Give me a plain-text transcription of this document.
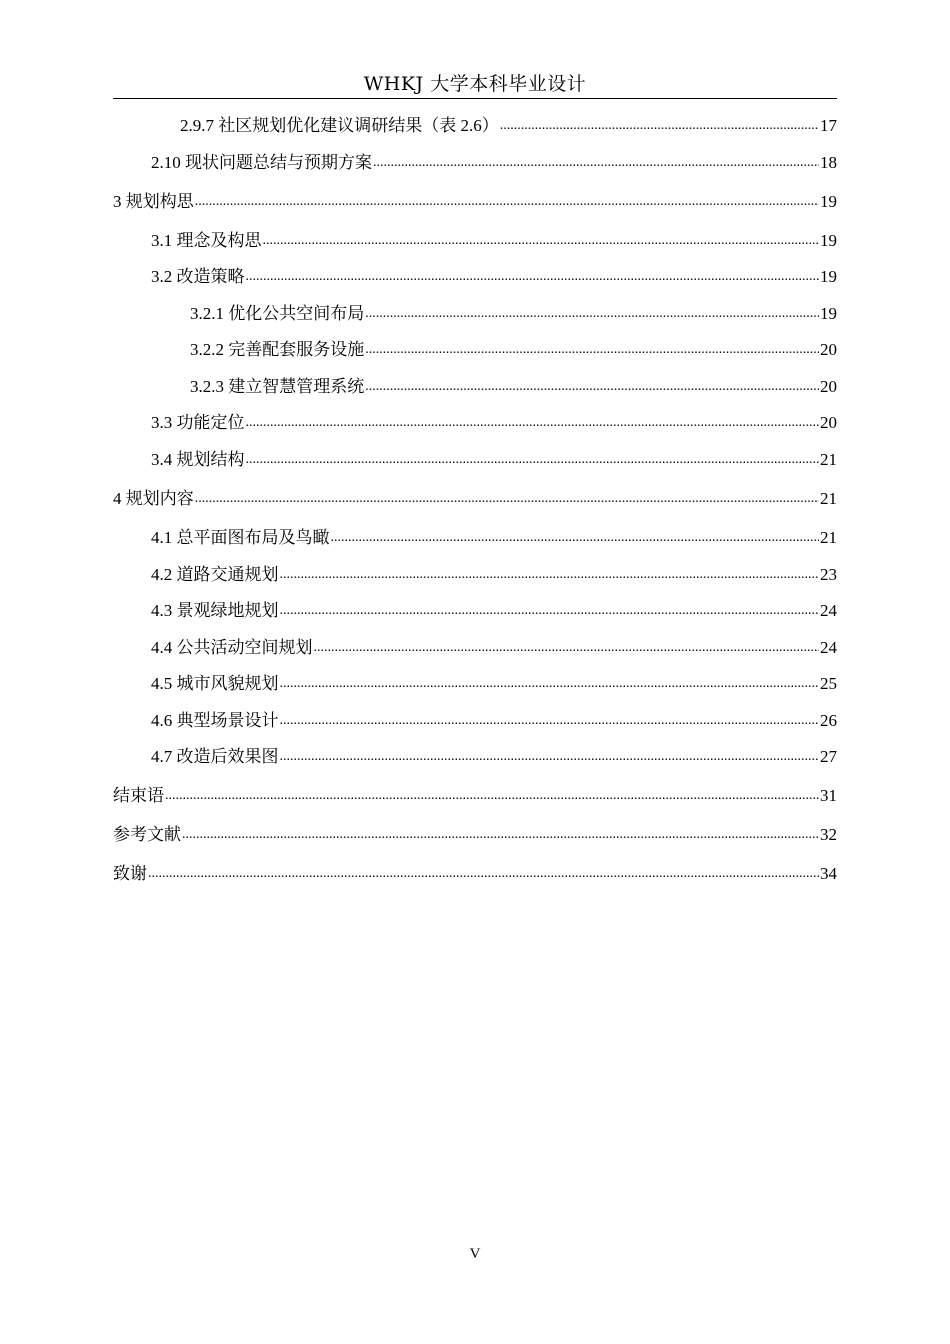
WHKJ 大学本科毕业设计
2.9.7 社区规划优化建议调研结果（表 2.6） .....	17
2.10 现状问题总结与预期方案 .....	18
3 规划构思 .....	19
3.1 理念及构思 .....	19
3.2 改造策略 .....	19
3.2.1 优化公共空间布局 .....	19
3.2.2 完善配套服务设施 .....	20
3.2.3 建立智慧管理系统 .....	20
3.3 功能定位 .....	20
3.4 规划结构 .....	21
4 规划内容 .....	21
4.1 总平面图布局及鸟瞰 .....	21
4.2 道路交通规划 .....	23
4.3 景观绿地规划 .....	24
4.4 公共活动空间规划 .....	24
4.5 城市风貌规划 .....	25
4.6 典型场景设计 .....	26
4.7 改造后效果图 .....	27
结束语 .....	31
参考文献 .....	32
致谢 .....	34
V
